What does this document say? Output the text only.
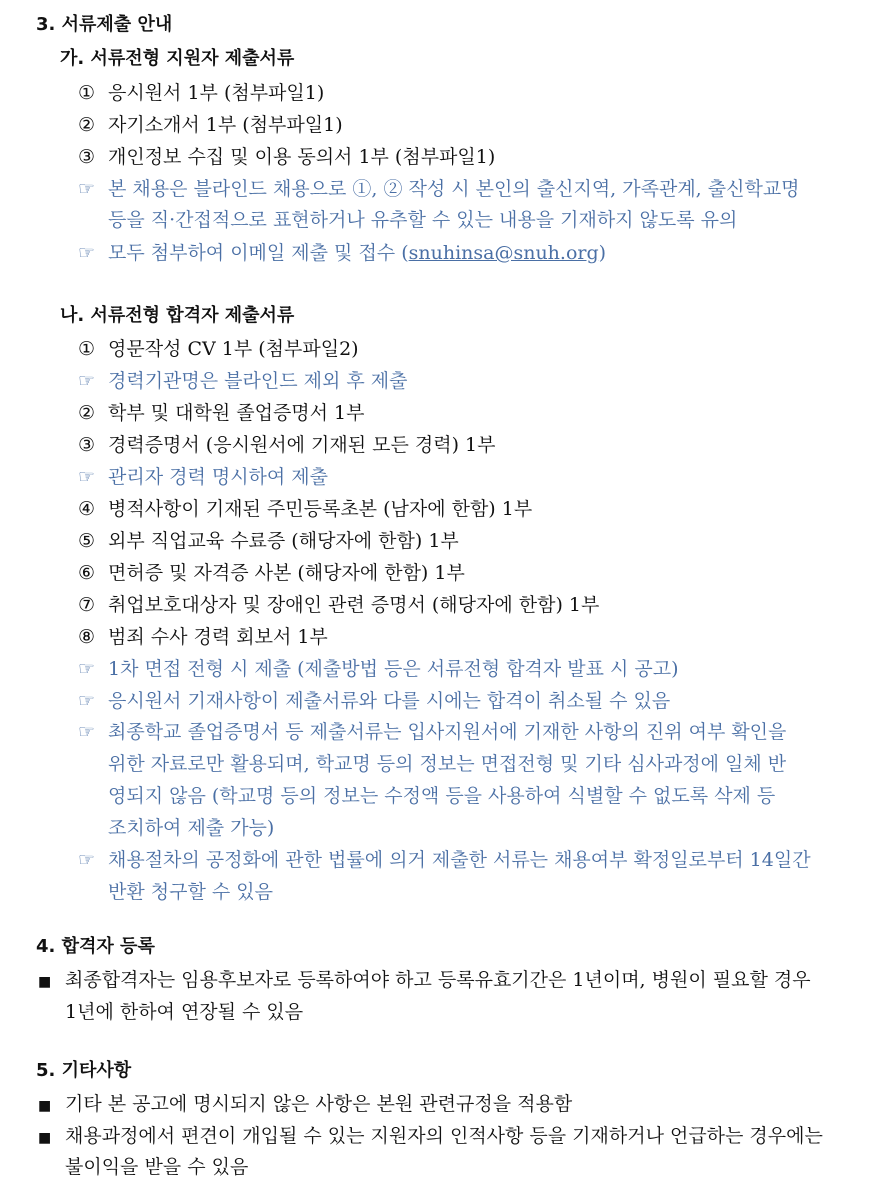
3. 서류제출 안내
가. 서류전형 지원자 제출서류
① 응시원서 1부 (첨부파일1)
② 자기소개서 1부 (첨부파일1)
③ 개인정보 수집 및 이용 동의서 1부 (첨부파일1)
☞ 본 채용은 블라인드 채용으로 ①, ② 작성 시 본인의 출신지역, 가족관계, 출신학교명
등을 직·간접적으로 표현하거나 유추할 수 있는 내용을 기재하지 않도록 유의
☞ 모두 첨부하여 이메일 제출 및 접수 (snuhinsa@snuh.org)
나. 서류전형 합격자 제출서류
① 영문작성 CV 1부 (첨부파일2)
☞ 경력기관명은 블라인드 제외 후 제출
② 학부 및 대학원 졸업증명서 1부
③ 경력증명서 (응시원서에 기재된 모든 경력) 1부
☞ 관리자 경력 명시하여 제출
④ 병적사항이 기재된 주민등록초본 (남자에 한함) 1부
⑤ 외부 직업교육 수료증 (해당자에 한함) 1부
⑥ 면허증 및 자격증 사본 (해당자에 한함) 1부
⑦ 취업보호대상자 및 장애인 관련 증명서 (해당자에 한함) 1부
⑧ 범죄 수사 경력 회보서 1부
☞ 1차 면접 전형 시 제출 (제출방법 등은 서류전형 합격자 발표 시 공고)
☞ 응시원서 기재사항이 제출서류와 다를 시에는 합격이 취소될 수 있음
☞ 최종학교 졸업증명서 등 제출서류는 입사지원서에 기재한 사항의 진위 여부 확인을
위한 자료로만 활용되며, 학교명 등의 정보는 면접전형 및 기타 심사과정에 일체 반
영되지 않음 (학교명 등의 정보는 수정액 등을 사용하여 식별할 수 없도록 삭제 등
조치하여 제출 가능)
☞ 채용절차의 공정화에 관한 법률에 의거 제출한 서류는 채용여부 확정일로부터 14일간
반환 청구할 수 있음
4. 합격자 등록
■ 최종합격자는 임용후보자로 등록하여야 하고 등록유효기간은 1년이며, 병원이 필요할 경우
1년에 한하여 연장될 수 있음
5. 기타사항
■ 기타 본 공고에 명시되지 않은 사항은 본원 관련규정을 적용함
■ 채용과정에서 편견이 개입될 수 있는 지원자의 인적사항 등을 기재하거나 언급하는 경우에는
불이익을 받을 수 있음
